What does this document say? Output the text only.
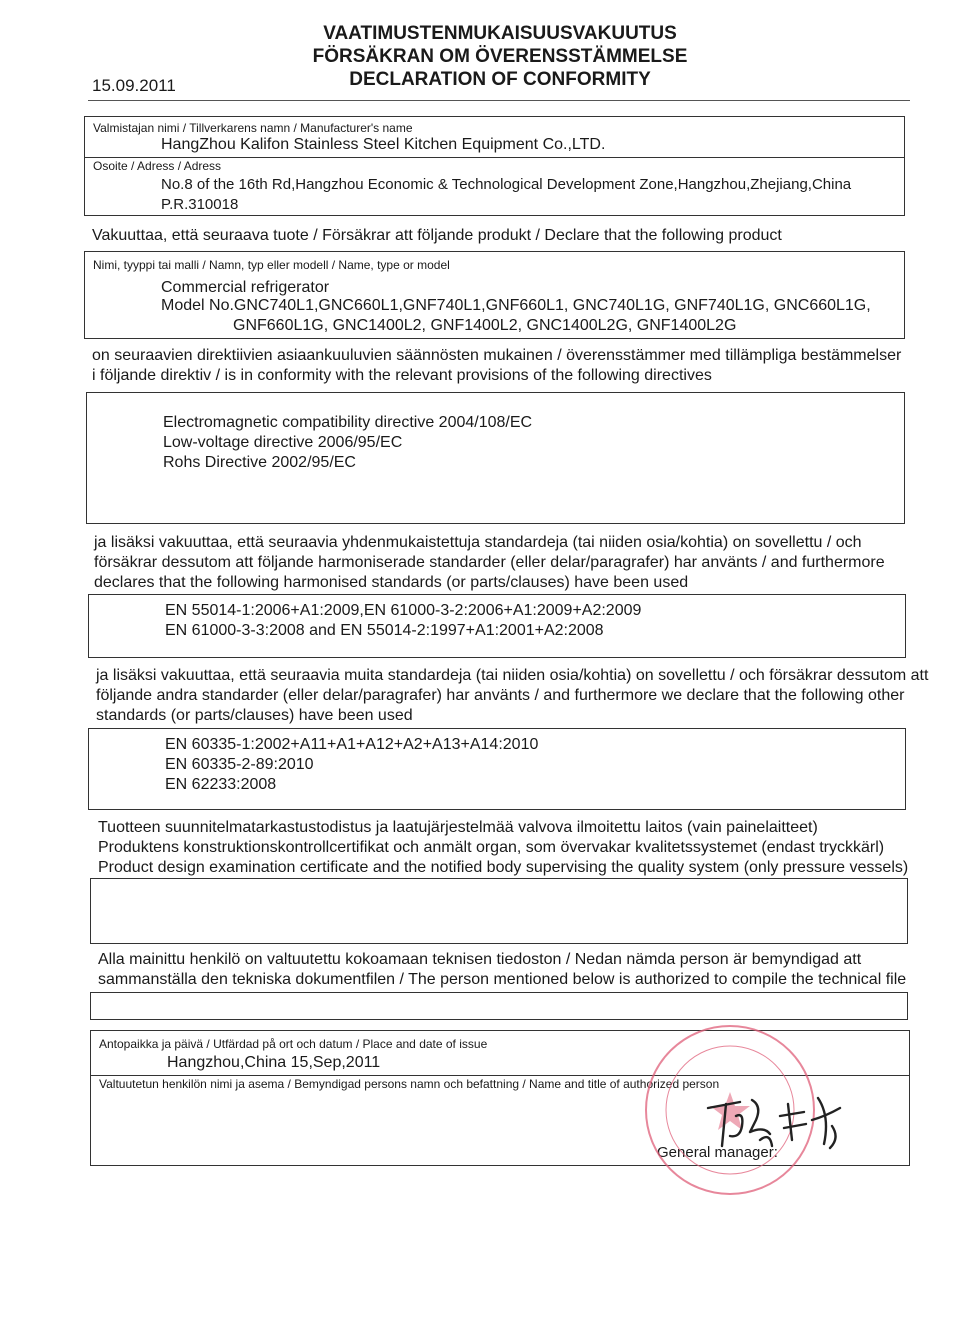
15.09.2011
VAATIMUSTENMUKAISUUSVAKUUTUS
FÖRSÄKRAN OM ÖVERENSSTÄMMELSE
DECLARATION OF CONFORMITY
Valmistajan nimi / Tillverkarens namn / Manufacturer's name
HangZhou Kalifon Stainless Steel Kitchen Equipment Co.,LTD.
Osoite / Adress / Adress
No.8 of the 16th Rd,Hangzhou Economic & Technological Development Zone,Hangzhou,Zhejiang,China
P.R.310018
Vakuuttaa, että seuraava tuote / Försäkrar att följande produkt / Declare that the following product
Nimi, tyyppi tai malli / Namn, typ eller modell / Name, type or model
Commercial refrigerator
Model No.GNC740L1,GNC660L1,GNF740L1,GNF660L1, GNC740L1G, GNF740L1G, GNC660L1G,
GNF660L1G, GNC1400L2, GNF1400L2, GNC1400L2G, GNF1400L2G
on seuraavien direktiivien asiaankuuluvien säännösten mukainen / överensstämmer med tillämpliga bestämmelser
i följande direktiv / is in conformity with the relevant provisions of the following directives
Electromagnetic compatibility directive 2004/108/EC
Low-voltage directive 2006/95/EC
Rohs Directive 2002/95/EC
ja lisäksi vakuuttaa, että seuraavia yhdenmukaistettuja standardeja (tai niiden osia/kohtia) on sovellettu / och
försäkrar dessutom att följande harmoniserade standarder (eller delar/paragrafer) har använts / and furthermore
declares that the following harmonised standards (or parts/clauses) have been used
EN 55014-1:2006+A1:2009,EN 61000-3-2:2006+A1:2009+A2:2009
EN 61000-3-3:2008 and EN 55014-2:1997+A1:2001+A2:2008
ja lisäksi vakuuttaa, että seuraavia muita standardeja (tai niiden osia/kohtia) on sovellettu / och försäkrar dessutom att
följande andra standarder (eller delar/paragrafer) har använts / and furthermore we declare that the following other
standards (or parts/clauses) have been used
EN 60335-1:2002+A11+A1+A12+A2+A13+A14:2010
EN 60335-2-89:2010
EN 62233:2008
Tuotteen suunnitelmatarkastustodistus ja laatujärjestelmää valvova ilmoitettu laitos (vain painelaitteet)
Produktens konstruktionskontrollcertifikat och anmält organ, som övervakar kvalitetssystemet (endast tryckkärl)
Product design examination certificate and the notified body supervising the quality system (only pressure vessels)
Alla mainittu henkilö on valtuutettu kokoamaan teknisen tiedoston / Nedan nämda person är bemyndigad att
sammanställa den tekniska dokumentfilen / The person mentioned below is authorized to compile the technical file
Antopaikka ja päivä / Utfärdad på ort och datum / Place and date of issue
Hangzhou,China 15,Sep,2011
Valtuutetun henkilön nimi ja asema / Bemyndigad persons namn och befattning / Name and title of authorized person
General manager:
